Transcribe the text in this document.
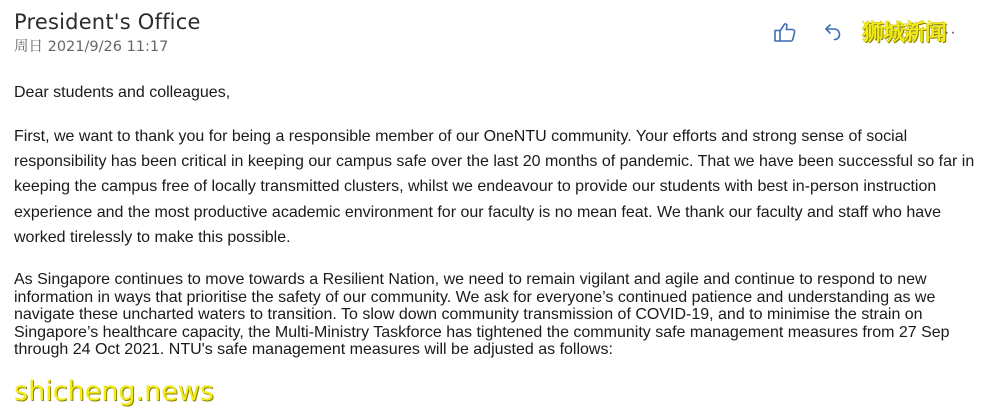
President's Office
周日 2021/9/26 11:17
狮城新闻
··

Dear students and colleagues,

First, we want to thank you for being a responsible member of our OneNTU community. Your efforts and strong sense of social responsibility has been critical in keeping our campus safe over the last 20 months of pandemic. That we have been successful so far in keeping the campus free of locally transmitted clusters, whilst we endeavour to provide our students with best in-person instruction experience and the most productive academic environment for our faculty is no mean feat. We thank our faculty and staff who have worked tirelessly to make this possible.

As Singapore continues to move towards a Resilient Nation, we need to remain vigilant and agile and continue to respond to new information in ways that prioritise the safety of our community. We ask for everyone’s continued patience and understanding as we navigate these uncharted waters to transition. To slow down community transmission of COVID-19, and to minimise the strain on Singapore’s healthcare capacity, the Multi-Ministry Taskforce has tightened the community safe management measures from 27 Sep through 24 Oct 2021. NTU's safe management measures will be adjusted as follows:

shicheng.news
